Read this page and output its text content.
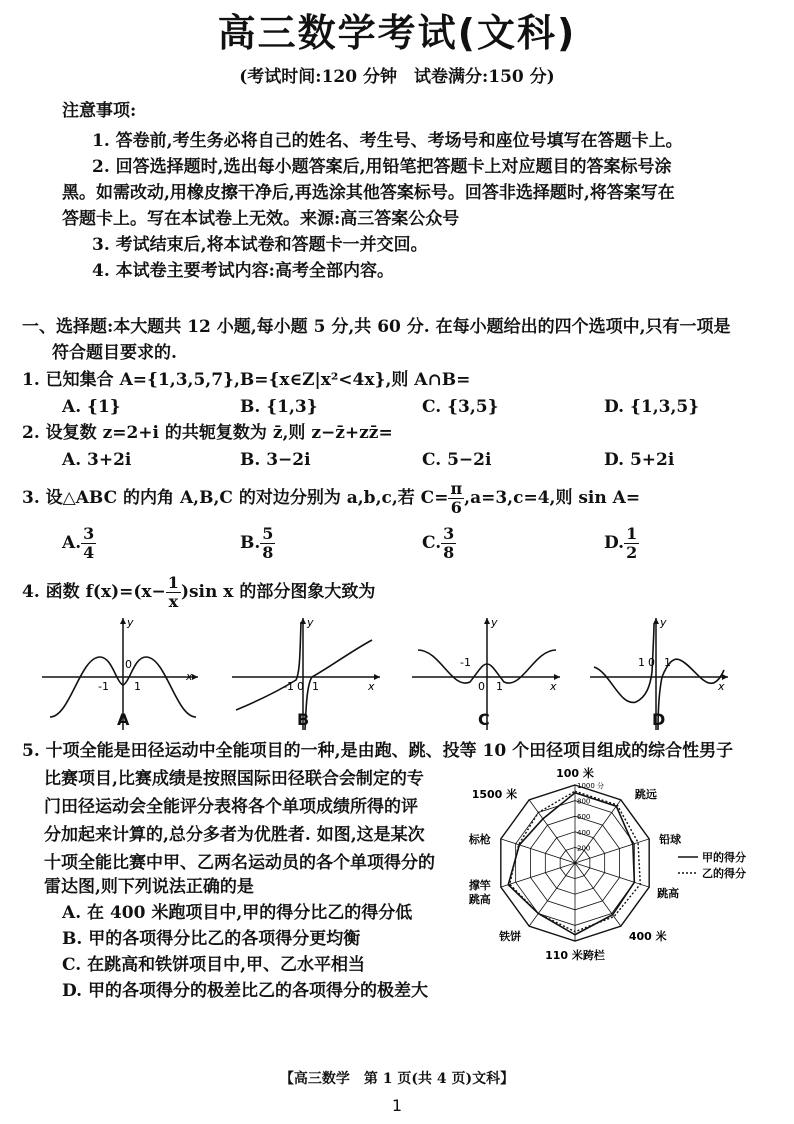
高三数学考试(文科)
(考试时间:120 分钟　试卷满分:150 分)
注意事项:
1. 答卷前,考生务必将自己的姓名、考生号、考场号和座位号填写在答题卡上。
2. 回答选择题时,选出每小题答案后,用铅笔把答题卡上对应题目的答案标号涂
黑。如需改动,用橡皮擦干净后,再选涂其他答案标号。回答非选择题时,将答案写在
答题卡上。写在本试卷上无效。来源:高三答案公众号
3. 考试结束后,将本试卷和答题卡一并交回。
4. 本试卷主要考试内容:高考全部内容。
一、选择题:本大题共 12 小题,每小题 5 分,共 60 分. 在每小题给出的四个选项中,只有一项是
符合题目要求的.
1. 已知集合 A={1,3,5,7},B={x∈Z|x²<4x},则 A∩B=
A. {1}	B. {1,3}	C. {3,5}	D. {1,3,5}
2. 设复数 z=2+i 的共轭复数为 z̄,则 z−z̄+zz̄=
A. 3+2i	B. 3−2i	C. 5−2i	D. 5+2i
3. 设△ABC 的内角 A,B,C 的对边分别为 a,b,c,若 $C= \frac{\pi}{6} ,a=3,c=4$,则 sin A=
A. $\frac{3}{4}$	B. $\frac{5}{8}$	C. $\frac{3}{8}$	D. $\frac{1}{2}$
4. 函数 $f(x)=(x- \frac{1}{x} )\sin$ x 的部分图象大致为
x
y
-1
0
1	x
y
-1 0 1	x
y
-1
0 1	x
y
1 0 1
A	B	C	D
5. 十项全能是田径运动中全能项目的一种,是由跑、跳、投等 10 个田径项目组成的综合性男子
比赛项目,比赛成绩是按照国际田径联合会制定的专
门田径运动会全能评分表将各个单项成绩所得的评
分加起来计算的,总分多者为优胜者. 如图,这是某次
十项全能比赛中甲、乙两名运动员的各个单项得分的
雷达图,则下列说法正确的是
A. 在 400 米跑项目中,甲的得分比乙的得分低
B. 甲的各项得分比乙的各项得分更均衡
C. 在跳高和铁饼项目中,甲、乙水平相当
D. 甲的各项得分的极差比乙的各项得分的极差大
200
400
600
800
1000 分
100 米
跳远
铅球
跳高
400 米
110 米跨栏
铁饼
撑竿
跳高
标枪
1500 米
甲的得分
乙的得分
【高三数学　第 1 页(共 4 页)文科】
1
